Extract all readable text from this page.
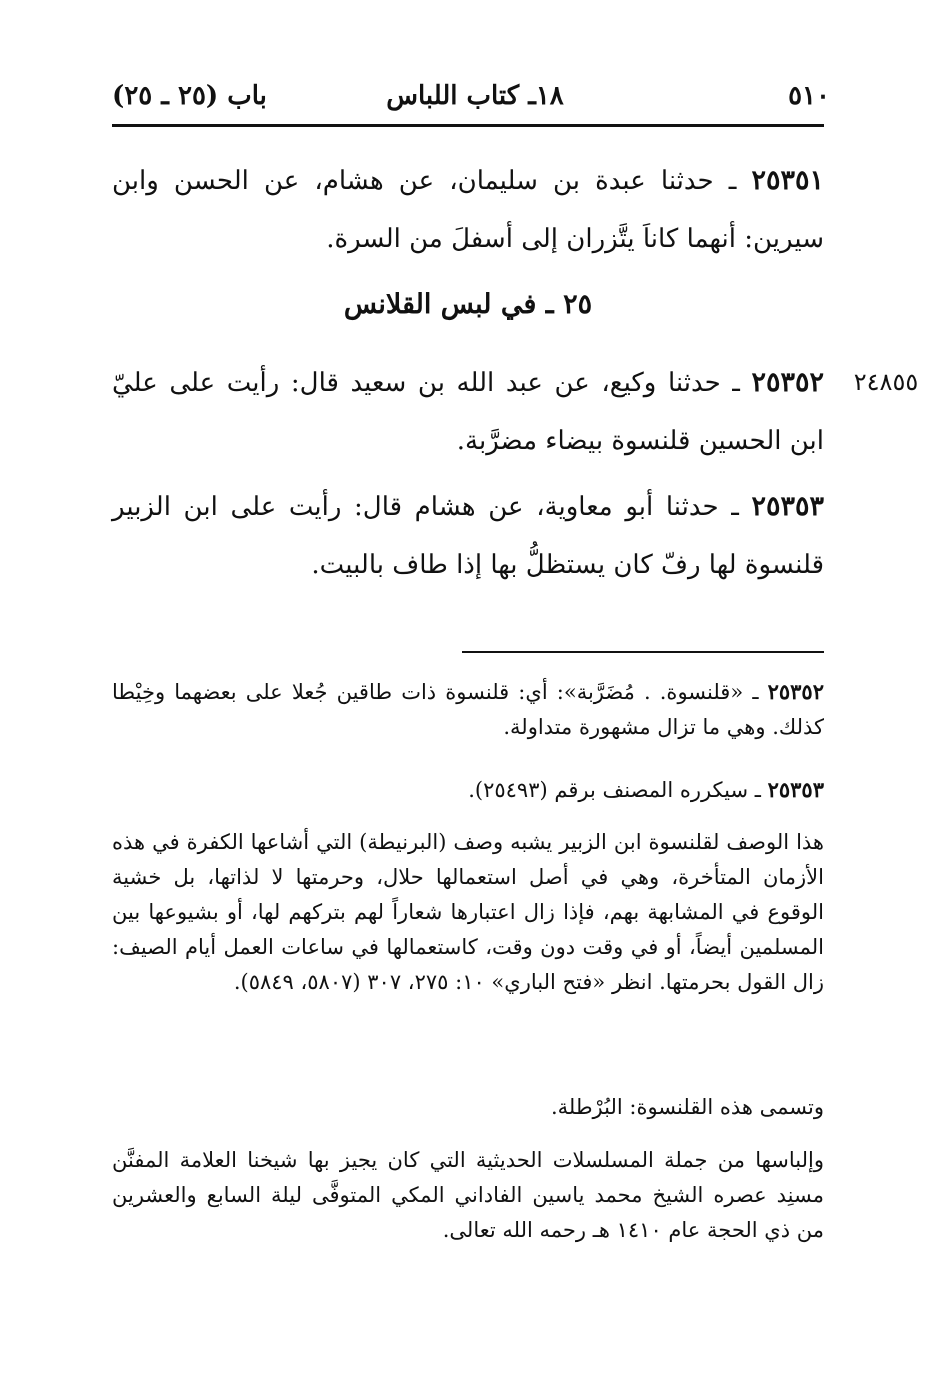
٥١٠
١٨ـ كتاب اللباس
باب (٢٥ ـ ٢٥)
٢٥٣٥١ ـ حدثنا عبدة بن سليمان، عن هشام، عن الحسن وابن سيرين: أنهما كاناَ يتَّزران إلى أسفلَ من السرة.
٢٥ ـ في لبس القلانس
٢٤٨٥٥
٢٥٣٥٢ ـ حدثنا وكيع، عن عبد الله بن سعيد قال: رأيت على عليّ ابن الحسين قلنسوة بيضاء مضرَّبة.
٢٥٣٥٣ ـ حدثنا أبو معاوية، عن هشام قال: رأيت على ابن الزبير قلنسوة لها رفّ كان يستظلُّ بها إذا طاف بالبيت.
٢٥٣٥٢ ـ «قلنسوة. . مُضَرَّبة»: أي: قلنسوة ذات طاقين جُعلا على بعضهما وخِيْطا كذلك. وهي ما تزال مشهورة متداولة.
٢٥٣٥٣ ـ سيكرره المصنف برقم (٢٥٤٩٣).
هذا الوصف لقلنسوة ابن الزبير يشبه وصف (البرنيطة) التي أشاعها الكفرة في هذه الأزمان المتأخرة، وهي في أصل استعمالها حلال، وحرمتها لا لذاتها، بل خشية الوقوع في المشابهة بهم، فإذا زال اعتبارها شعاراً لهم بتركهم لها، أو بشيوعها بين المسلمين أيضاً، أو في وقت دون وقت، كاستعمالها في ساعات العمل أيام الصيف: زال القول بحرمتها. انظر «فتح الباري» ١٠: ٢٧٥، ٣٠٧ (٥٨٠٧، ٥٨٤٩).
وتسمى هذه القلنسوة: البُرْطلة.
وإلباسها من جملة المسلسلات الحديثية التي كان يجيز بها شيخنا العلامة المفنَّن مسنِد عصره الشيخ محمد ياسين الفاداني المكي المتوفَّى ليلة السابع والعشرين من ذي الحجة عام ١٤١٠ هـ رحمه الله تعالى.
